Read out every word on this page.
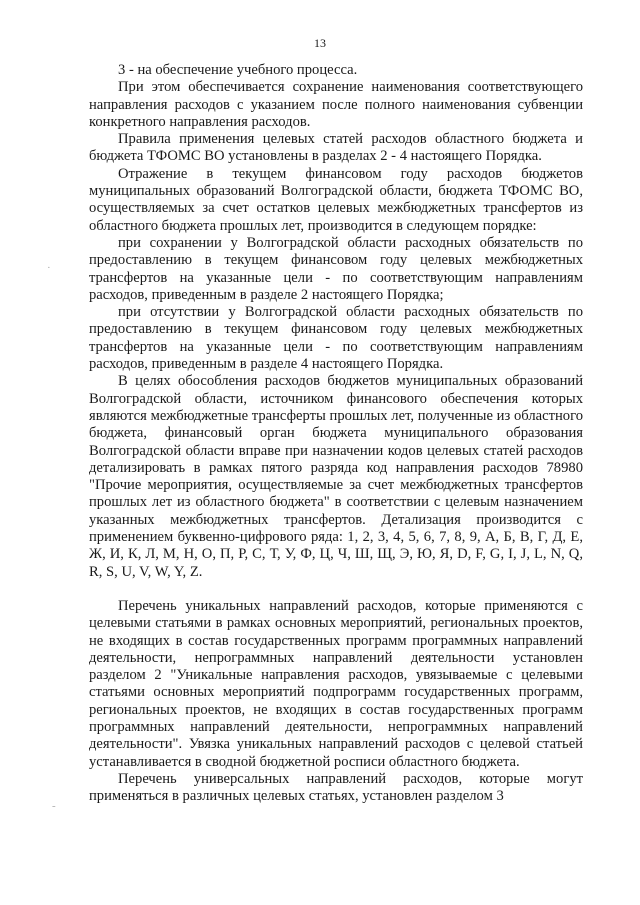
13

3 - на обеспечение учебного процесса.

При этом обеспечивается сохранение наименования соответствующего направления расходов с указанием после полного наименования субвенции конкретного направления расходов.

Правила применения целевых статей расходов областного бюджета и бюджета ТФОМС ВО установлены в разделах 2 - 4 настоящего Порядка.

Отражение в текущем финансовом году расходов бюджетов муниципальных образований Волгоградской области, бюджета ТФОМС ВО, осуществляемых за счет остатков целевых межбюджетных трансфертов из областного бюджета прошлых лет, производится в следующем порядке:

при сохранении у Волгоградской области расходных обязательств по предоставлению в текущем финансовом году целевых межбюджетных трансфертов на указанные цели - по соответствующим направлениям расходов, приведенным в разделе 2 настоящего Порядка;

при отсутствии у Волгоградской области расходных обязательств по предоставлению в текущем финансовом году целевых межбюджетных трансфертов на указанные цели - по соответствующим направлениям расходов, приведенным в разделе 4 настоящего Порядка.

В целях обособления расходов бюджетов муниципальных образований Волгоградской области, источником финансового обеспечения которых являются межбюджетные трансферты прошлых лет, полученные из областного бюджета, финансовый орган бюджета муниципального образования Волгоградской области вправе при назначении кодов целевых статей расходов детализировать в рамках пятого разряда код направления расходов 78980 "Прочие мероприятия, осуществляемые за счет межбюджетных трансфертов прошлых лет из областного бюджета" в соответствии с целевым назначением указанных межбюджетных трансфертов. Детализация производится с применением буквенно-цифрового ряда: 1, 2, 3, 4, 5, 6, 7, 8, 9, А, Б, В, Г, Д, Е, Ж, И, К, Л, М, Н, О, П, Р, С, Т, У, Ф, Ц, Ч, Ш, Щ, Э, Ю, Я, D, F, G, I, J, L, N, Q, R, S, U, V, W, Y, Z.

Перечень уникальных направлений расходов, которые применяются с целевыми статьями в рамках основных мероприятий, региональных проектов, не входящих в состав государственных программ программных направлений деятельности, непрограммных направлений деятельности установлен разделом 2 "Уникальные направления расходов, увязываемые с целевыми статьями основных мероприятий подпрограмм государственных программ, региональных проектов, не входящих в состав государственных программ программных направлений деятельности, непрограммных направлений деятельности". Увязка уникальных направлений расходов с целевой статьей устанавливается в сводной бюджетной росписи областного бюджета.

Перечень универсальных направлений расходов, которые могут применяться в различных целевых статьях, установлен разделом 3

·
-
